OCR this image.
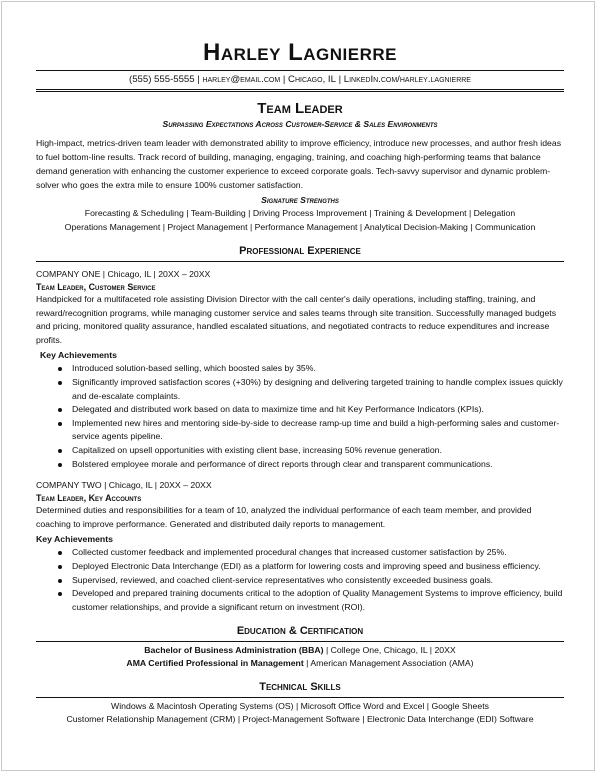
Harley Lagnierre
(555) 555-5555 | harley@email.com | Chicago, IL | LinkedIn.com/harley.lagnierre
Team Leader
Surpassing Expectations Across Customer-Service & Sales Environments
High-impact, metrics-driven team leader with demonstrated ability to improve efficiency, introduce new processes, and author fresh ideas to fuel bottom-line results. Track record of building, managing, engaging, training, and coaching high-performing teams that balance demand generation with enhancing the customer experience to exceed corporate goals. Tech-savvy supervisor and dynamic problem-solver who goes the extra mile to ensure 100% customer satisfaction.
Signature Strengths
Forecasting & Scheduling | Team-Building | Driving Process Improvement | Training & Development | Delegation
Operations Management | Project Management | Performance Management | Analytical Decision-Making | Communication
Professional Experience
COMPANY ONE | Chicago, IL | 20XX – 20XX
Team Leader, Customer Service
Handpicked for a multifaceted role assisting Division Director with the call center's daily operations, including staffing, training, and reward/recognition programs, while managing customer service and sales teams through site transition. Successfully managed budgets and pricing, monitored quality assurance, handled escalated situations, and negotiated contracts to reduce expenditures and increase profits.
Key Achievements
Introduced solution-based selling, which boosted sales by 35%.
Significantly improved satisfaction scores (+30%) by designing and delivering targeted training to handle complex issues quickly and de-escalate complaints.
Delegated and distributed work based on data to maximize time and hit Key Performance Indicators (KPIs).
Implemented new hires and mentoring side-by-side to decrease ramp-up time and build a high-performing sales and customer-service agents pipeline.
Capitalized on upsell opportunities with existing client base, increasing 50% revenue generation.
Bolstered employee morale and performance of direct reports through clear and transparent communications.
COMPANY TWO | Chicago, IL | 20XX – 20XX
Team Leader, Key Accounts
Determined duties and responsibilities for a team of 10, analyzed the individual performance of each team member, and provided coaching to improve performance. Generated and distributed daily reports to management.
Key Achievements
Collected customer feedback and implemented procedural changes that increased customer satisfaction by 25%.
Deployed Electronic Data Interchange (EDI) as a platform for lowering costs and improving speed and business efficiency.
Supervised, reviewed, and coached client-service representatives who consistently exceeded business goals.
Developed and prepared training documents critical to the adoption of Quality Management Systems to improve efficiency, build customer relationships, and provide a significant return on investment (ROI).
Education & Certification
Bachelor of Business Administration (BBA) | College One, Chicago, IL | 20XX
AMA Certified Professional in Management | American Management Association (AMA)
Technical Skills
Windows & Macintosh Operating Systems (OS) | Microsoft Office Word and Excel | Google Sheets
Customer Relationship Management (CRM) | Project-Management Software | Electronic Data Interchange (EDI) Software
